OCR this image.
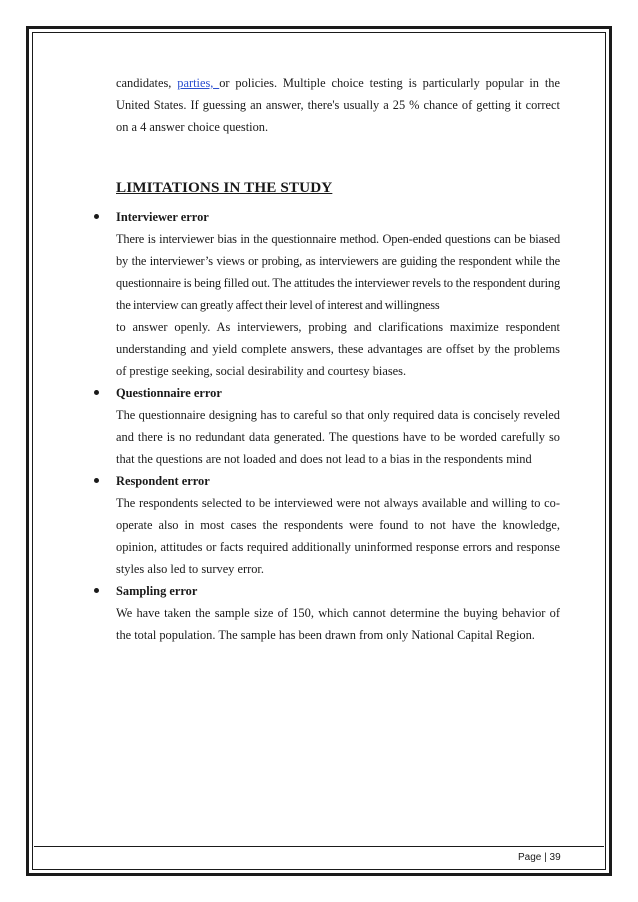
candidates, parties, or policies. Multiple choice testing is particularly popular in the United States. If guessing an answer, there's usually a 25 % chance of getting it correct on a 4 answer choice question.

LIMITATIONS IN THE STUDY
Interviewer error

There is interviewer bias in the questionnaire method. Open-ended questions can be biased by the interviewer’s views or probing, as interviewers are guiding the respondent while the questionnaire is being filled out. The attitudes the interviewer revels to the respondent during the interview can greatly affect their level of interest and willingness

to answer openly. As interviewers, probing and clarifications maximize respondent understanding and yield complete answers, these advantages are offset by the problems of prestige seeking, social desirability and courtesy biases.

Questionnaire error

The questionnaire designing has to careful so that only required data is concisely reveled and there is no redundant data generated. The questions have to be worded carefully so that the questions are not loaded and does not lead to a bias in the respondents mind

Respondent error

The respondents selected to be interviewed were not always available and willing to co-operate also in most cases the respondents were found to not have the knowledge, opinion, attitudes or facts required additionally uninformed response errors and response styles also led to survey error.

Sampling error

We have taken the sample size of 150, which cannot determine the buying behavior of the total population. The sample has been drawn from only National Capital Region.

Page | 39
